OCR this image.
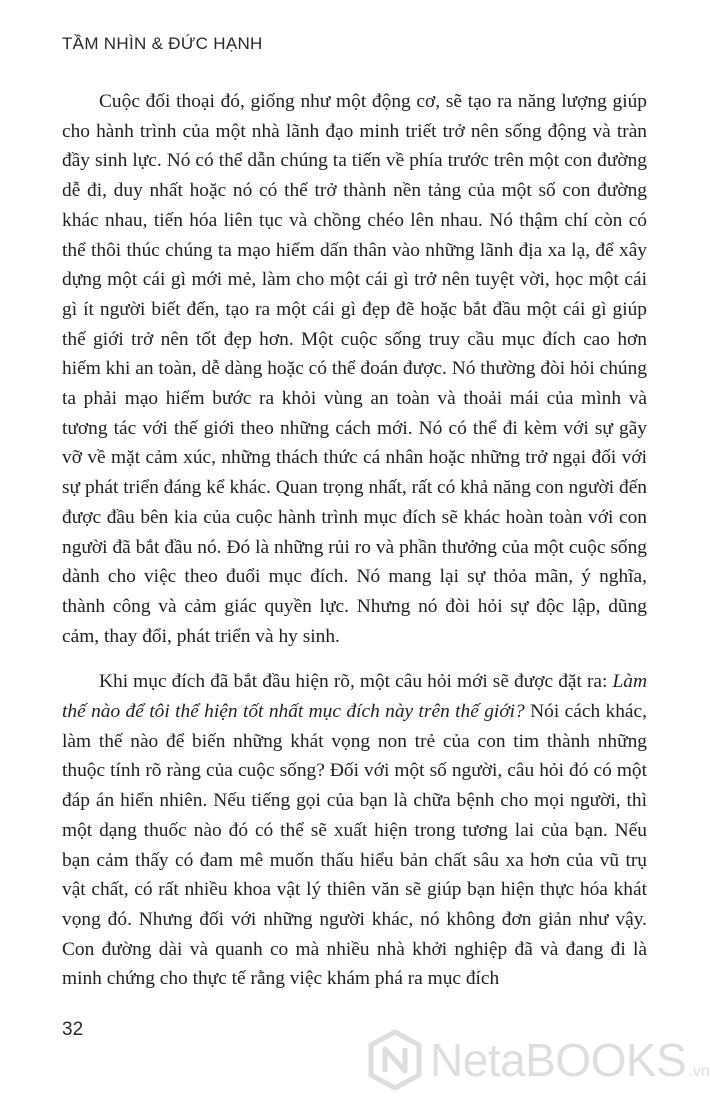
TẦM NHÌN & ĐỨC HẠNH

Cuộc đối thoại đó, giống như một động cơ, sẽ tạo ra năng lượng giúp cho hành trình của một nhà lãnh đạo minh triết trở nên sống động và tràn đầy sinh lực. Nó có thể dẫn chúng ta tiến về phía trước trên một con đường dễ đi, duy nhất hoặc nó có thể trở thành nền tảng của một số con đường khác nhau, tiến hóa liên tục và chồng chéo lên nhau. Nó thậm chí còn có thể thôi thúc chúng ta mạo hiểm dấn thân vào những lãnh địa xa lạ, để xây dựng một cái gì mới mẻ, làm cho một cái gì trở nên tuyệt vời, học một cái gì ít người biết đến, tạo ra một cái gì đẹp đẽ hoặc bắt đầu một cái gì giúp thế giới trở nên tốt đẹp hơn. Một cuộc sống truy cầu mục đích cao hơn hiếm khi an toàn, dễ dàng hoặc có thể đoán được. Nó thường đòi hỏi chúng ta phải mạo hiểm bước ra khỏi vùng an toàn và thoải mái của mình và tương tác với thế giới theo những cách mới. Nó có thể đi kèm với sự gãy vỡ về mặt cảm xúc, những thách thức cá nhân hoặc những trở ngại đối với sự phát triển đáng kể khác. Quan trọng nhất, rất có khả năng con người đến được đầu bên kia của cuộc hành trình mục đích sẽ khác hoàn toàn với con người đã bắt đầu nó. Đó là những rủi ro và phần thưởng của một cuộc sống dành cho việc theo đuổi mục đích. Nó mang lại sự thỏa mãn, ý nghĩa, thành công và cảm giác quyền lực. Nhưng nó đòi hỏi sự độc lập, dũng cảm, thay đổi, phát triển và hy sinh.

Khi mục đích đã bắt đầu hiện rõ, một câu hỏi mới sẽ được đặt ra: Làm thế nào để tôi thể hiện tốt nhất mục đích này trên thế giới? Nói cách khác, làm thế nào để biến những khát vọng non trẻ của con tim thành những thuộc tính rõ ràng của cuộc sống? Đối với một số người, câu hỏi đó có một đáp án hiển nhiên. Nếu tiếng gọi của bạn là chữa bệnh cho mọi người, thì một dạng thuốc nào đó có thể sẽ xuất hiện trong tương lai của bạn. Nếu bạn cảm thấy có đam mê muốn thấu hiểu bản chất sâu xa hơn của vũ trụ vật chất, có rất nhiều khoa vật lý thiên văn sẽ giúp bạn hiện thực hóa khát vọng đó. Nhưng đối với những người khác, nó không đơn giản như vậy. Con đường dài và quanh co mà nhiều nhà khởi nghiệp đã và đang đi là minh chứng cho thực tế rằng việc khám phá ra mục đích

32
NetaBOOKS .vn
